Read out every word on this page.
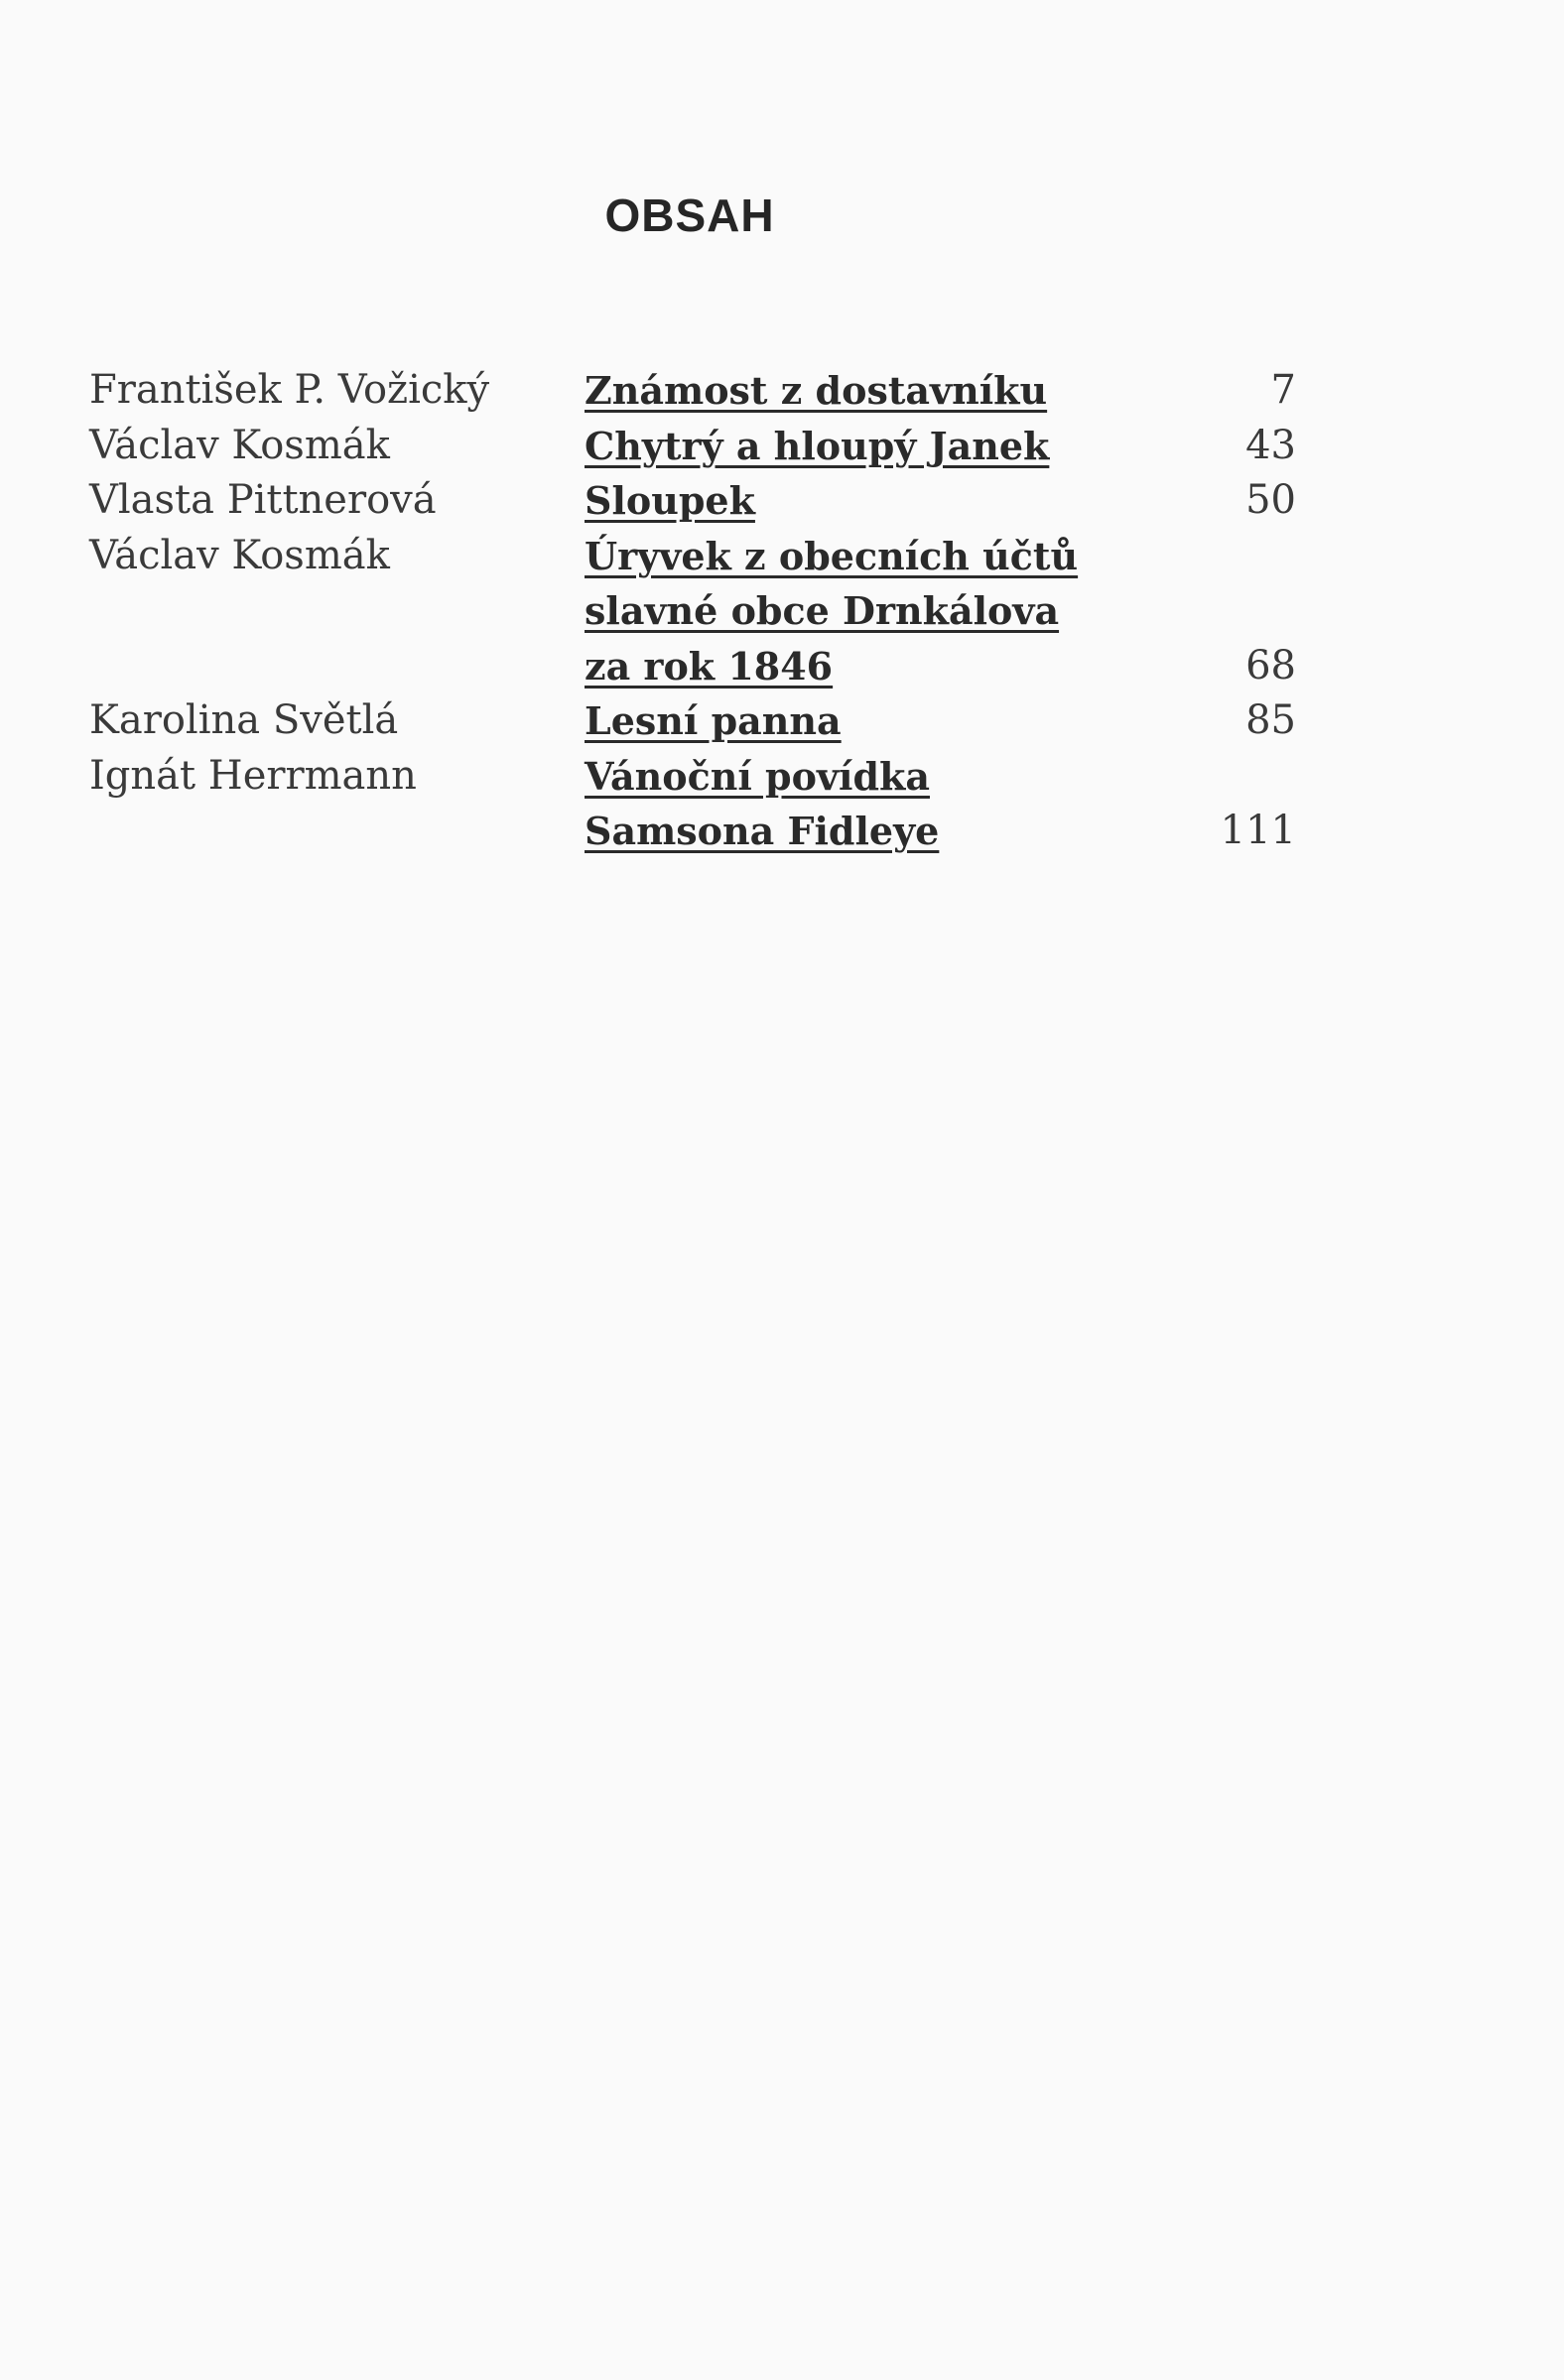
OBSAH
František P. Vožický	Známost z dostavníku	7
Václav Kosmák	Chytrý a hloupý Janek	43
Vlasta Pittnerová	Sloupek	50
Václav Kosmák	Úryvek z obecních účtů
slavné obce Drnkálova
za rok 1846	68
Karolina Světlá	Lesní panna	85
Ignát Herrmann	Vánoční povídka
Samsona Fidleye	111
